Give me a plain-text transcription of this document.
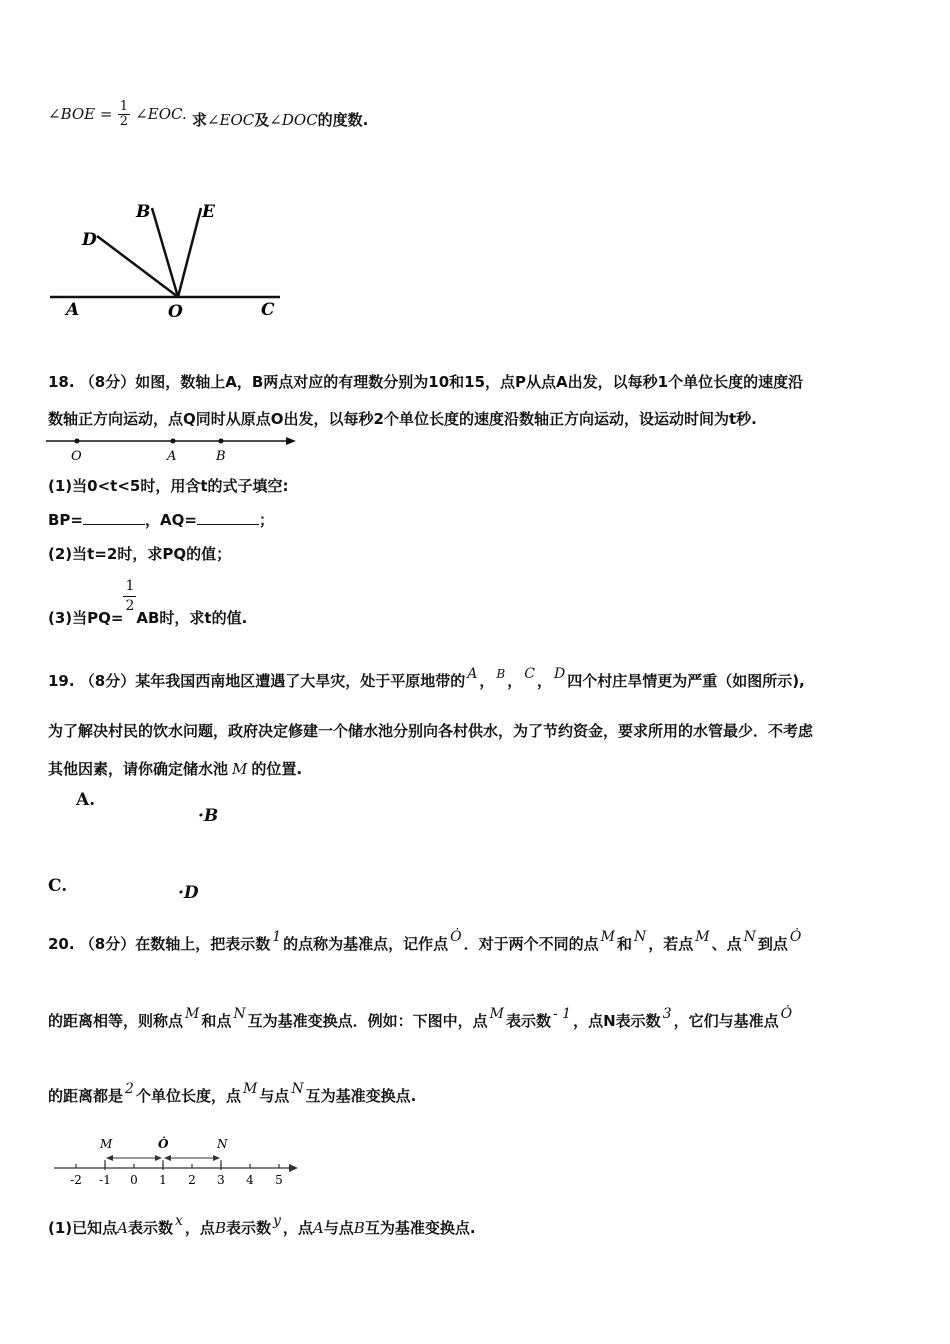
∠BOE = $\frac{1}{2}$ ∠EOC. 求∠EOC及∠DOC的度数.
B	E
D
A	O	C
18. （8分）如图，数轴上A，B两点对应的有理数分别为10和15，点P从点A出发，以每秒1个单位长度的速度沿
数轴正方向运动，点Q同时从原点O出发，以每秒2个单位长度的速度沿数轴正方向运动，设运动时间为t秒.
O	A	B
(1)当0<t<5时，用含t的式子填空:
BP=	，AQ=	；
(2)当t=2时，求PQ的值；
(3)当PQ=
$\frac{1}{2}$
AB时，求t的值.
19. （8分）某年我国西南地区遭遇了大旱灾，处于平原地带的 A ， $^B$ ， C ， D 四个村庄旱情更为严重（如图所示),
为了解决村民的饮水问题，政府决定修建一个储水池分别向各村供水，为了节约资金，要求所用的水管最少．不考虑
其他因素，请你确定储水池 M 的位置.
A.
·B
C.	·D
20. （8分）在数轴上，把表示数 1 的点称为基准点，记作点 Ȯ ．对于两个不同的点 M 和 N ，若点 M 、点 N 到点 Ȯ
的距离相等，则称点 M 和点 N 互为基准变换点．例如：下图中，点 M 表示数 - 1 ，点N表示数 3 ，它们与基准点 Ȯ
的距离都是 2 个单位长度，点 M 与点 N 互为基准变换点.
M	Ȯ	N
-2 -1 0 1 2 3 4 5
(1)已知点A表示数 x ，点B表示数 y ，点A与点B互为基准变换点.
